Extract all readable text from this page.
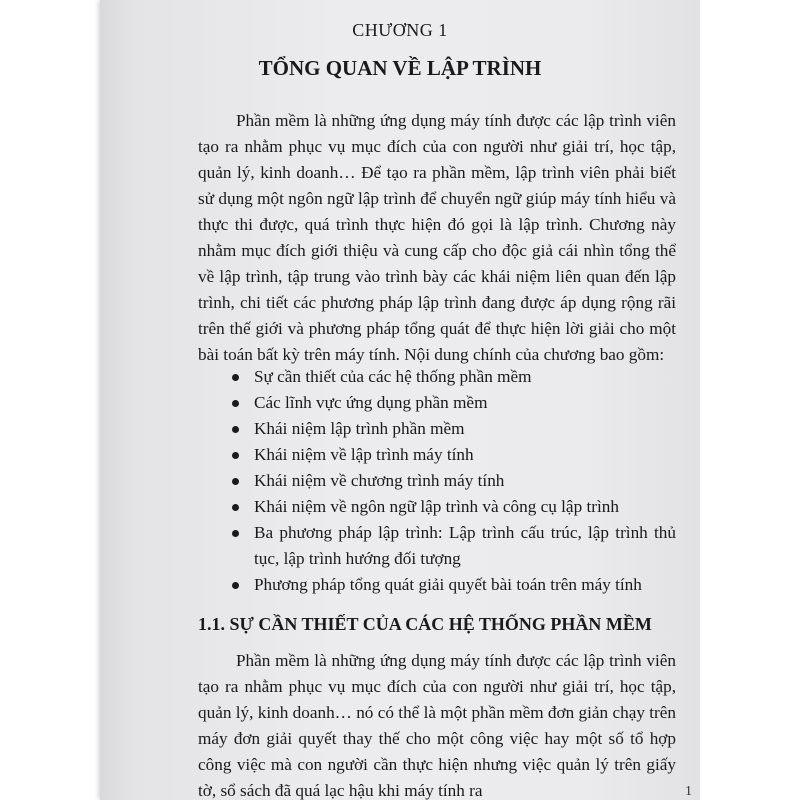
CHƯƠNG 1
TỔNG QUAN VỀ LẬP TRÌNH

Phần mềm là những ứng dụng máy tính được các lập trình viên tạo ra nhằm phục vụ mục đích của con người như giải trí, học tập, quản lý, kinh doanh… Để tạo ra phần mềm, lập trình viên phải biết sử dụng một ngôn ngữ lập trình để chuyển ngữ giúp máy tính hiểu và thực thi được, quá trình thực hiện đó gọi là lập trình. Chương này nhằm mục đích giới thiệu và cung cấp cho độc giả cái nhìn tổng thể về lập trình, tập trung vào trình bày các khái niệm liên quan đến lập trình, chi tiết các phương pháp lập trình đang được áp dụng rộng rãi trên thế giới và phương pháp tổng quát để thực hiện lời giải cho một bài toán bất kỳ trên máy tính. Nội dung chính của chương bao gồm:

Sự cần thiết của các hệ thống phần mềm
Các lĩnh vực ứng dụng phần mềm
Khái niệm lập trình phần mềm
Khái niệm về lập trình máy tính
Khái niệm về chương trình máy tính
Khái niệm về ngôn ngữ lập trình và công cụ lập trình
Ba phương pháp lập trình: Lập trình cấu trúc, lập trình thủ tục, lập trình hướng đối tượng
Phương pháp tổng quát giải quyết bài toán trên máy tính
1.1. SỰ CẦN THIẾT CỦA CÁC HỆ THỐNG PHẦN MỀM

Phần mềm là những ứng dụng máy tính được các lập trình viên tạo ra nhằm phục vụ mục đích của con người như giải trí, học tập, quản lý, kinh doanh… nó có thể là một phần mềm đơn giản chạy trên máy đơn giải quyết thay thế cho một công việc hay một số tổ hợp công việc mà con người cần thực hiện nhưng việc quản lý trên giấy tờ, sổ sách đã quá lạc hậu khi máy tính ra	1
